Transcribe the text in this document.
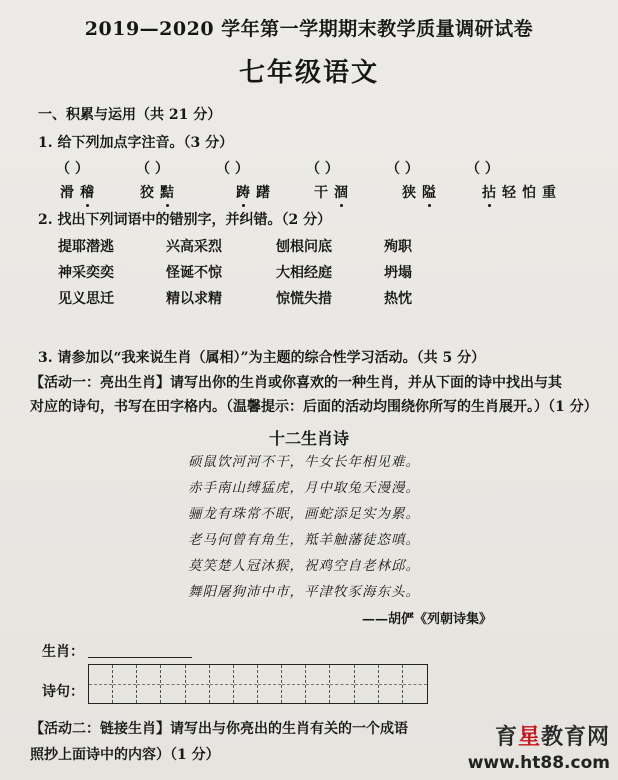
2019—2020 学年第一学期期末教学质量调研试卷
七年级语文
一、积累与运用（共 21 分）
1. 给下列加点字注音。（3 分）
（ ）	（ ）	（ ）	（ ）	（ ）	（ ）
滑稽	狡黠	踌躇	干涸	狭隘	拈轻怕重
2. 找出下列词语中的错别字，并纠错。（2 分）
提耶潜逃	兴高采烈	刨根问底	殉职
神采奕奕	怪诞不惊	大相经庭	坍塌
见义思迁	精以求精	惊慌失措	热忱
3. 请参加以“我来说生肖（属相）”为主题的综合性学习活动。（共 5 分）
【活动一：亮出生肖】请写出你的生肖或你喜欢的一种生肖，并从下面的诗中找出与其
对应的诗句，书写在田字格内。（温馨提示：后面的活动均围绕你所写的生肖展开。）（1 分）
十二生肖诗
硕鼠饮河河不干，牛女长年相见难。
赤手南山缚猛虎，月中取兔天漫漫。
骊龙有珠常不眠，画蛇添足实为累。
老马何曾有角生，羝羊触藩徒恣嗔。
莫笑楚人冠沐猴，祝鸡空自老林邱。
舞阳屠狗沛中市，平津牧豕海东头。
——胡俨《列朝诗集》
生肖：
诗句：
【活动二：链接生肖】请写出与你亮出的生肖有关的一个成语
照抄上面诗中的内容）（1 分）
育星教育网
www.ht88.com
